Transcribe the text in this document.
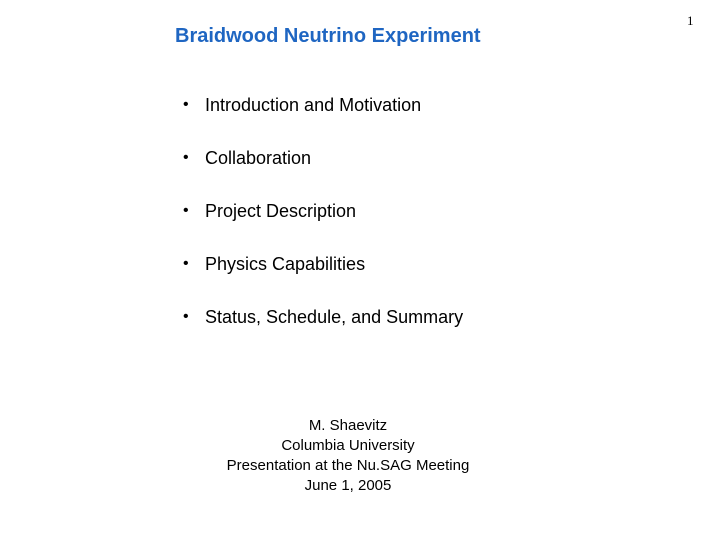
1
Braidwood Neutrino Experiment
• Introduction and Motivation
• Collaboration
• Project Description
• Physics Capabilities
• Status, Schedule, and Summary
M. Shaevitz
Columbia University
Presentation at the Nu.SAG Meeting
June 1, 2005
